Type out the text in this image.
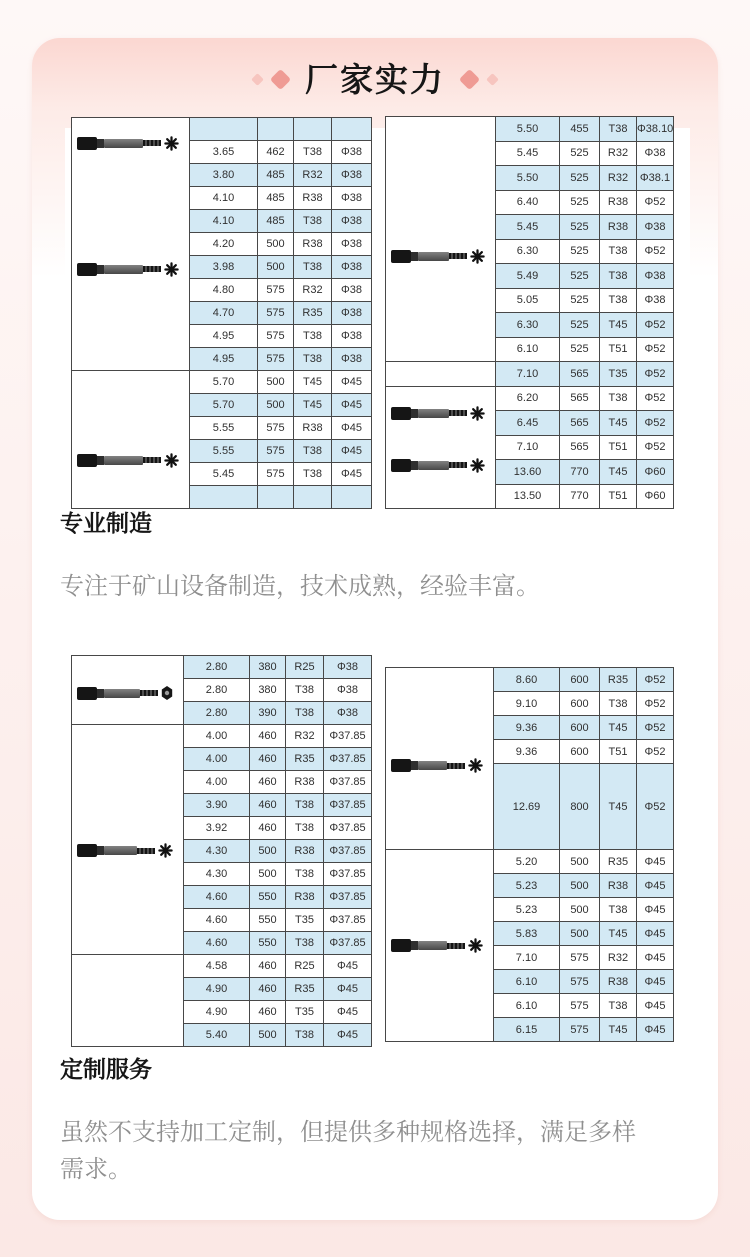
厂家实力

	3.65	462	T38	Φ38
	3.80	485	R32	Φ38
	4.10	485	R38	Φ38
	4.10	485	T38	Φ38
	4.20	500	R38	Φ38
	3.98	500	T38	Φ38
	4.80	575	R32	Φ38
	4.70	575	R35	Φ38
	4.95	575	T38	Φ38
	4.95	575	T38	Φ38

	5.70	500	T45	Φ45
	5.70	500	T45	Φ45
	5.55	575	R38	Φ45
	5.55	575	T38	Φ45
	5.45	575	T38	Φ45

	5.50	455	T38	Φ38.10
	5.45	525	R32	Φ38
	5.50	525	R32	Φ38.1
	6.40	525	R38	Φ52
	5.45	525	R38	Φ38
	6.30	525	T38	Φ52
	5.49	525	T38	Φ38
	5.05	525	T38	Φ38
	6.30	525	T45	Φ52
	6.10	525	T51	Φ52
	7.10	565	T35	Φ52

	6.20	565	T38	Φ52
	6.45	565	T45	Φ52
	7.10	565	T51	Φ52
	13.60	770	T45	Φ60
	13.50	770	T51	Φ60
专业制造

专注于矿山设备制造，技术成熟，经验丰富。

	2.80	380	R25	Φ38
	2.80	380	T38	Φ38
	2.80	390	T38	Φ38

	4.00	460	R32	Φ37.85
	4.00	460	R35	Φ37.85
	4.00	460	R38	Φ37.85
	3.90	460	T38	Φ37.85
	3.92	460	T38	Φ37.85
	4.30	500	R38	Φ37.85
	4.30	500	T38	Φ37.85
	4.60	550	R38	Φ37.85
	4.60	550	T35	Φ37.85
	4.60	550	T38	Φ37.85
	4.58	460	R25	Φ45
	4.90	460	R35	Φ45
	4.90	460	T35	Φ45
	5.40	500	T38	Φ45
	8.60	600	R35	Φ52
	9.10	600	T38	Φ52
	9.36	600	T45	Φ52
	9.36	600	T51	Φ52
	12.69	800	T45	Φ52

	5.20	500	R35	Φ45
	5.23	500	R38	Φ45
	5.23	500	T38	Φ45
	5.83	500	T45	Φ45
	7.10	575	R32	Φ45
	6.10	575	R38	Φ45
	6.10	575	T38	Φ45
	6.15	575	T45	Φ45
定制服务

虽然不支持加工定制，但提供多种规格选择，满足多样需求。
